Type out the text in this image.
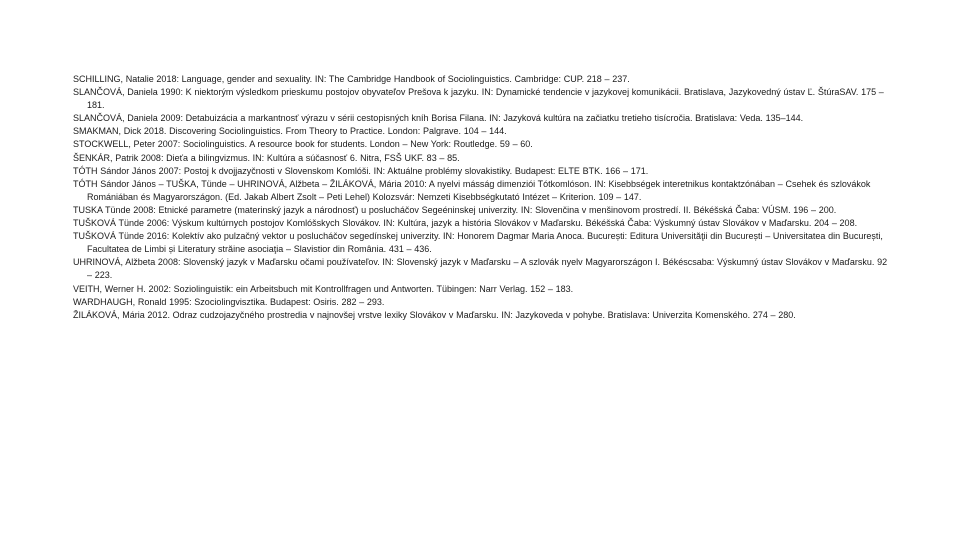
SCHILLING, Natalie 2018: Language, gender and sexuality. IN: The Cambridge Handbook of Sociolinguistics. Cambridge: CUP. 218 – 237.
SLANČOVÁ, Daniela 1990: K niektorým výsledkom prieskumu postojov obyvateľov Prešova k jazyku. IN: Dynamické tendencie v jazykovej komunikácii. Bratislava, Jazykovedný ústav Ľ. ŠtúraSAV. 175 – 181.
SLANČOVÁ, Daniela 2009: Detabuizácia a markantnosť výrazu v sérii cestopisných kníh Borisa Filana. IN: Jazyková kultúra na začiatku tretieho tisícročia. Bratislava: Veda. 135–144.
SMAKMAN, Dick 2018. Discovering Sociolinguistics. From Theory to Practice. London: Palgrave. 104 – 144.
STOCKWELL, Peter 2007: Sociolinguistics. A resource book for students. London – New York: Routledge. 59 – 60.
ŠENKÁR, Patrik 2008: Dieťa a bilingvizmus. IN: Kultúra a súčasnosť 6. Nitra, FSŠ UKF. 83 – 85.
TÓTH Sándor János 2007: Postoj k dvojjazyčnosti v Slovenskom Komlóši. IN: Aktuálne problémy slovakistiky. Budapest: ELTE BTK. 166 – 171.
TÓTH Sándor János – TUŠKA, Tünde – UHRINOVÁ, Alžbeta – ŽILÁKOVÁ, Mária 2010: A nyelvi másság dimenziói Tótkomlóson. IN: Kisebbségek interetnikus kontaktzónában – Csehek és szlovákok Romániában és Magyarországon. (Ed. Jakab Albert Zsolt – Peti Lehel) Kolozsvár: Nemzeti Kisebbségkutató Intézet – Kriterion. 109 – 147.
TUSKA Tünde 2008: Etnické parametre (materinský jazyk a národnosť) u poslucháčov Segeéninskej univerzity. IN: Slovenčina v menšinovom prostredí. II. Békéšská Čaba: VÚSM. 196 – 200.
TUŠKOVÁ Tünde 2006: Výskum kultúrnych postojov Komlóšskych Slovákov. IN: Kultúra, jazyk a história Slovákov v Maďarsku. Békéšská Čaba: Výskumný ústav Slovákov v Maďarsku. 204 – 208.
TUŠKOVÁ Tünde 2016: Kolektív ako pulzačný vektor u poslucháčov segedínskej univerzity. IN: Honorem Dagmar Maria Anoca. București: Editura Universităţii din București – Universitatea din București, Facultatea de Limbi și Literatury străine asociaţia – Slavistior din România. 431 – 436.
UHRINOVÁ, Alžbeta 2008: Slovenský jazyk v Maďarsku očami používateľov. IN: Slovenský jazyk v Maďarsku – A szlovák nyelv Magyarországon I. Békéscsaba: Výskumný ústav Slovákov v Maďarsku. 92 – 223.
VEITH, Werner H. 2002: Soziolinguistik: ein Arbeitsbuch mit Kontrollfragen und Antworten. Tübingen: Narr Verlag. 152 – 183.
WARDHAUGH, Ronald 1995: Szociolingvisztika. Budapest: Osiris. 282 – 293.
ŽILÁKOVÁ, Mária 2012. Odraz cudzojazyčného prostredia v najnovšej vrstve lexiky Slovákov v Maďarsku. IN: Jazykoveda v pohybe. Bratislava: Univerzita Komenského. 274 – 280.
